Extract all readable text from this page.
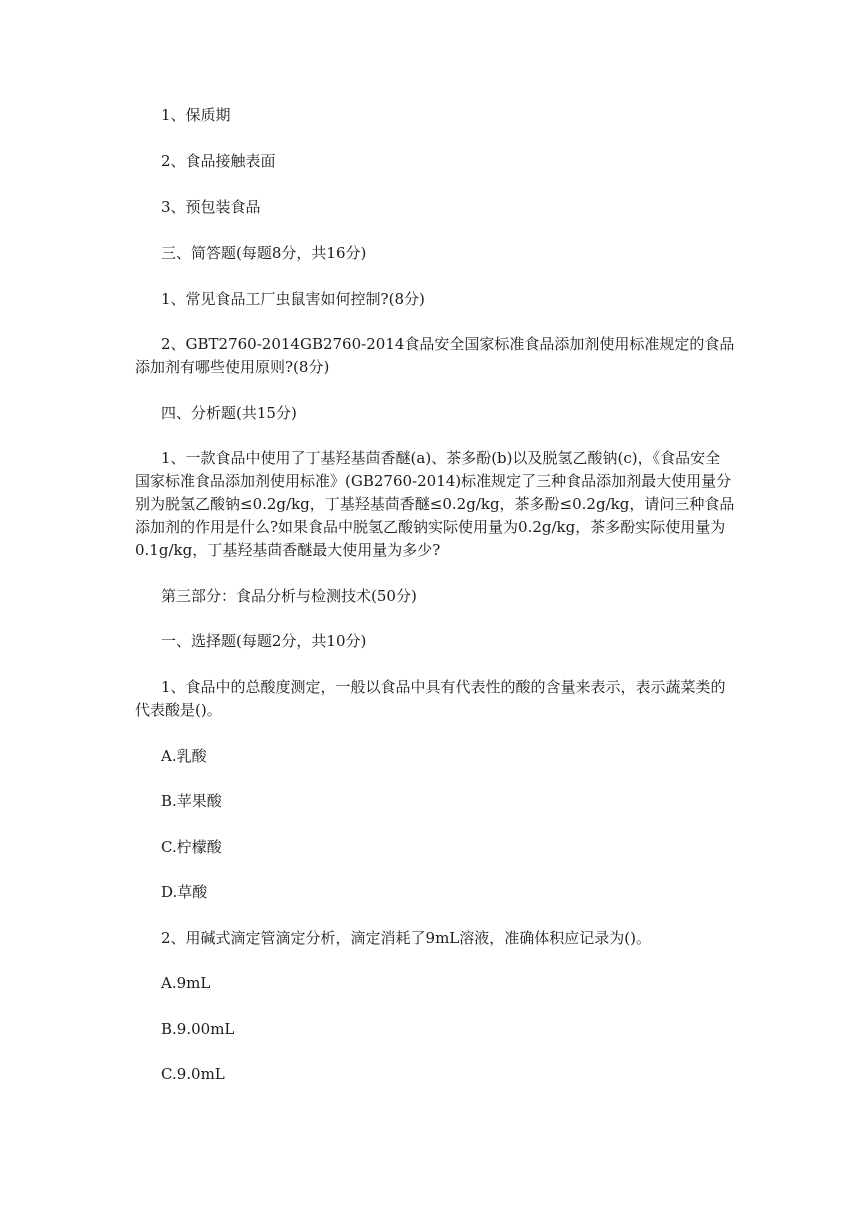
1、保质期

2、食品接触表面

3、预包装食品

三、简答题(每题8分，共16分)

1、常见食品工厂虫鼠害如何控制?(8分)

2、GBT2760-2014GB2760-2014食品安全国家标准食品添加剂使用标准规定的食品添加剂有哪些使用原则?(8分)

四、分析题(共15分)

1、一款食品中使用了丁基羟基茴香醚(a)、茶多酚(b)以及脱氢乙酸钠(c)，《食品安全国家标准食品添加剂使用标准》(GB2760-2014)标准规定了三种食品添加剂最大使用量分别为脱氢乙酸钠≤0.2g/kg，丁基羟基茴香醚≤0.2g/kg，茶多酚≤0.2g/kg，请问三种食品添加剂的作用是什么?如果食品中脱氢乙酸钠实际使用量为0.2g/kg，茶多酚实际使用量为0.1g/kg，丁基羟基茴香醚最大使用量为多少?

第三部分：食品分析与检测技术(50分)

一、选择题(每题2分，共10分)

1、食品中的总酸度测定，一般以食品中具有代表性的酸的含量来表示，表示蔬菜类的代表酸是()。

A.乳酸

B.苹果酸

C.柠檬酸

D.草酸

2、用碱式滴定管滴定分析，滴定消耗了9mL溶液，准确体积应记录为()。

A.9mL

B.9.00mL

C.9.0mL
